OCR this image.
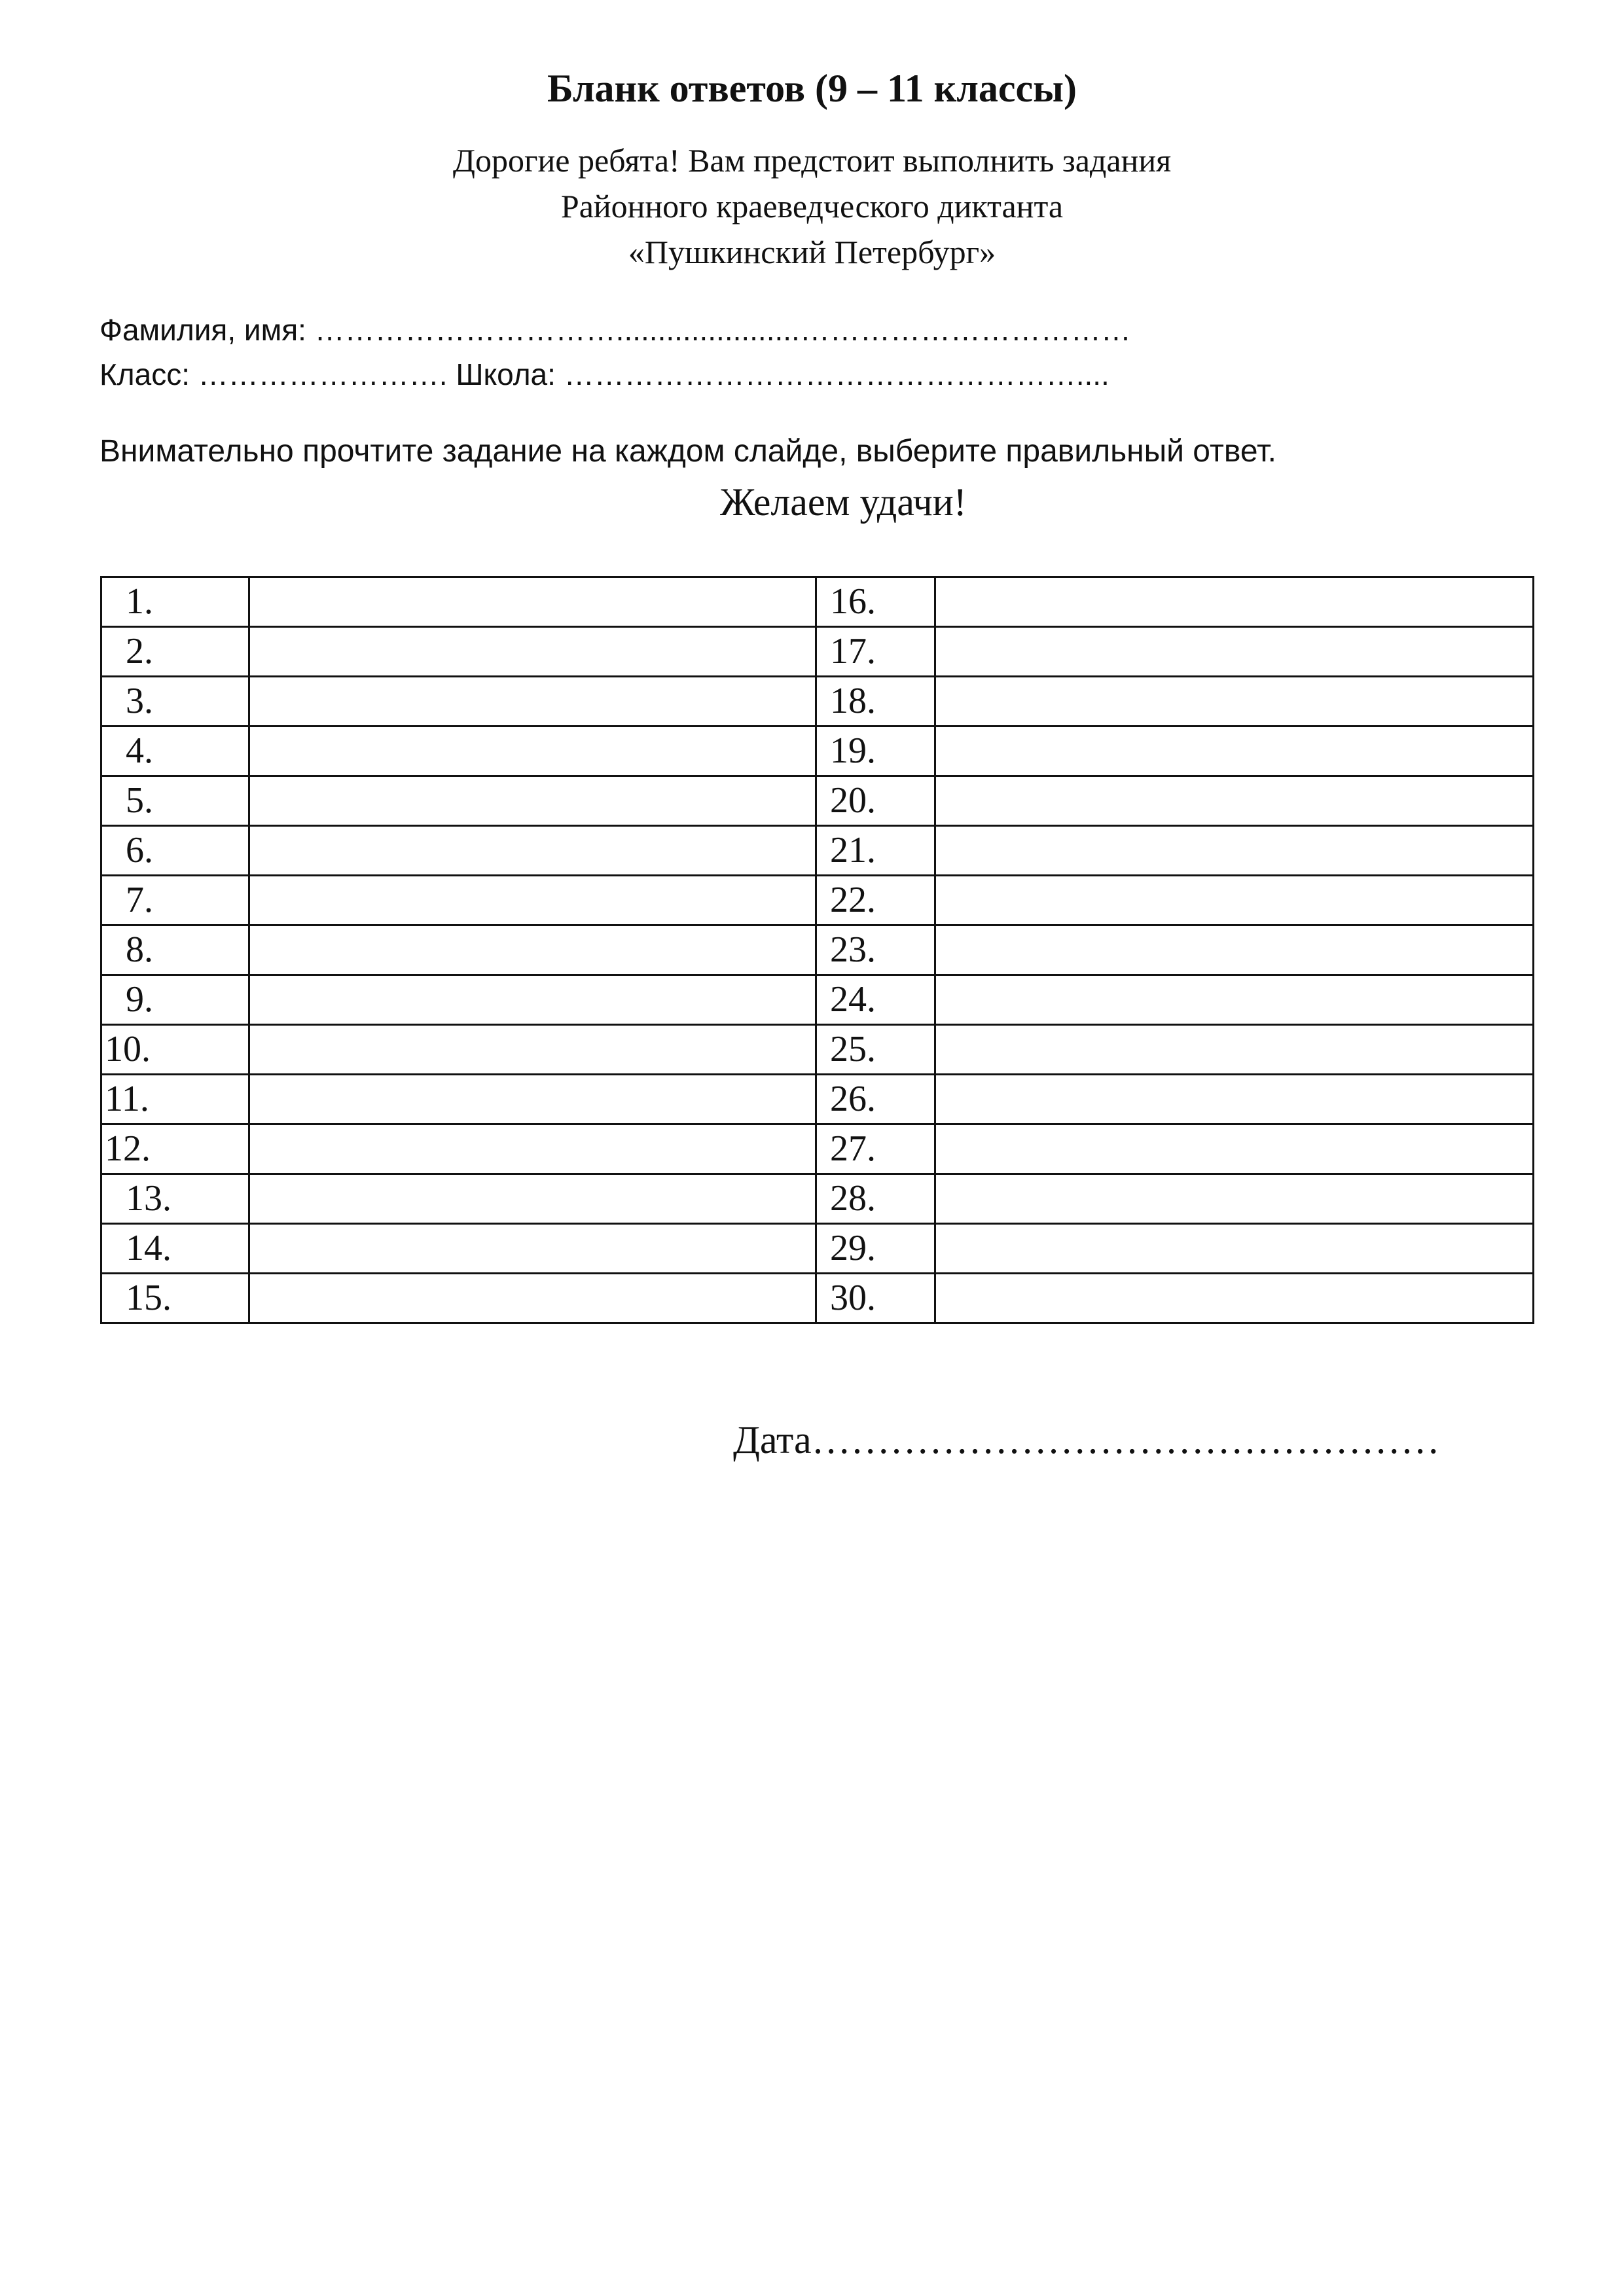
Бланк ответов (9 – 11 классы)
Дорогие ребята! Вам предстоит выполнить задания
Районного краеведческого диктанта
«Пушкинский Петербург»
Фамилия, имя: …………………………......................……………………………
Класс: ……………………. Школа: ……………………………………………....
Внимательно прочтите задание на каждом слайде, выберите правильный ответ.
Желаем удачи!
1.		16.	
2.		17.	
3.		18.	
4.		19.	
5.		20.	
6.		21.	
7.		22.	
8.		23.	
9.		24.	
10.		25.	
11.		26.	
12.		27.	
13.		28.	
14.		29.	
15.		30.	
Дата…………………………………………
